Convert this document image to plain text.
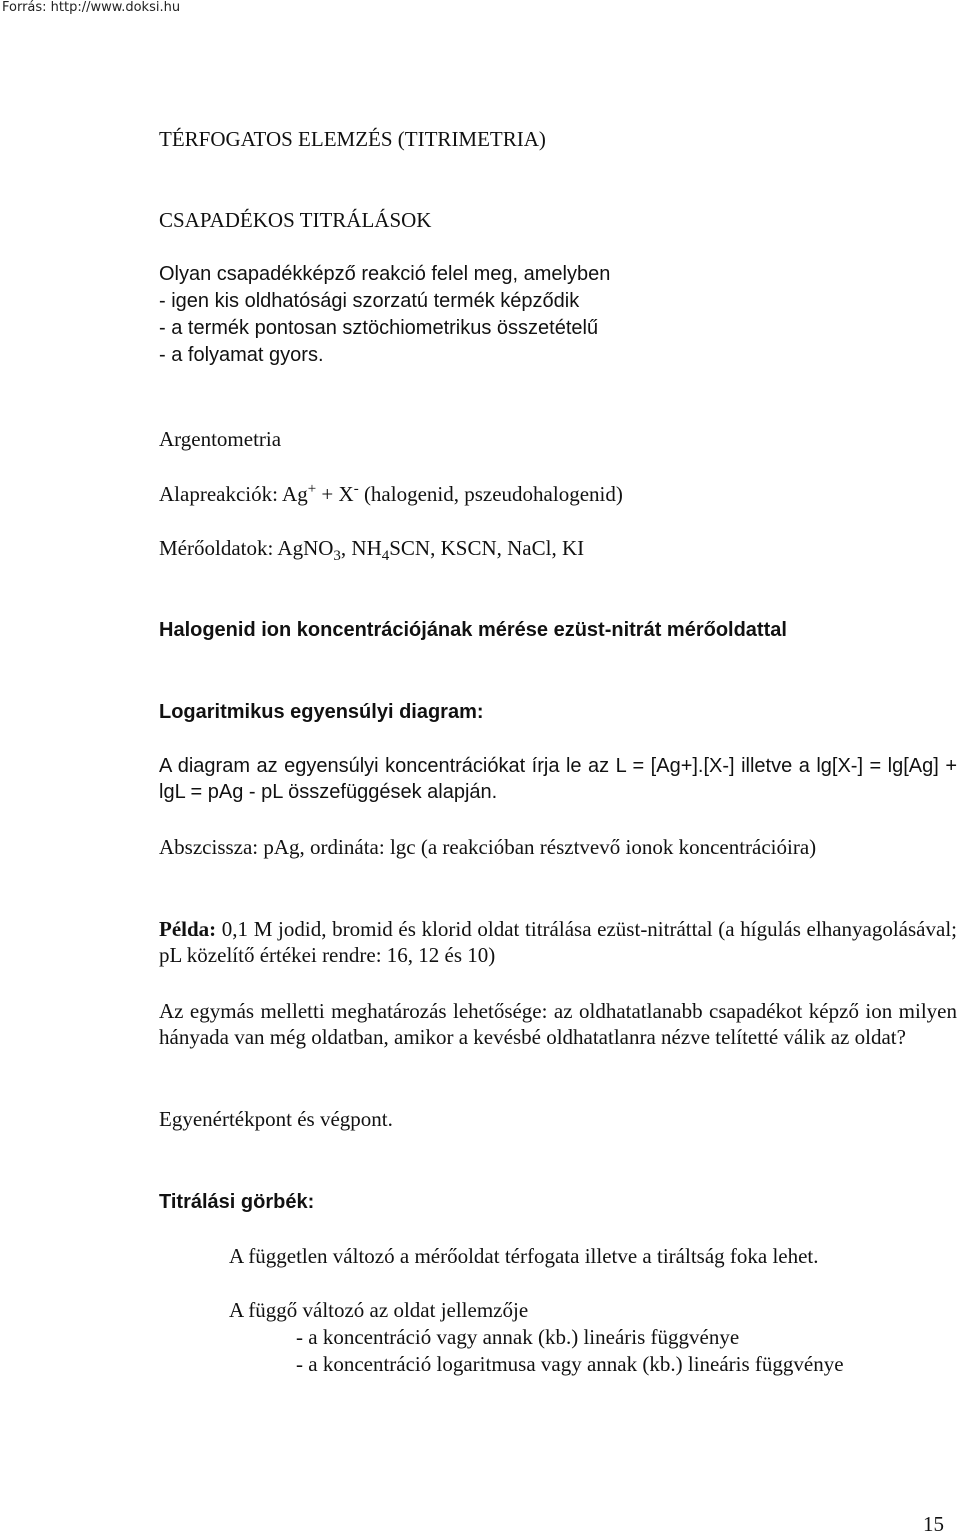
Forrás: http://www.doksi.hu
TÉRFOGATOS ELEMZÉS (TITRIMETRIA)
CSAPADÉKOS TITRÁLÁSOK
Olyan csapadékképző reakció felel meg, amelyben
- igen kis oldhatósági szorzatú termék képződik
- a termék pontosan sztöchiometrikus összetételű
- a folyamat gyors.
Argentometria
Alapreakciók: Ag+ + X- (halogenid, pszeudohalogenid)
Mérőoldatok: AgNO$_3$, $NH_4SCN$, KSCN, NaCl, KI
Halogenid ion koncentrációjának mérése ezüst-nitrát mérőoldattal
Logaritmikus egyensúlyi diagram:
A diagram az egyensúlyi koncentrációkat írja le az L = [Ag+].[X-] illetve a lg[X-] = lg[Ag] + lgL = pAg - pL összefüggések alapján.
Abszcissza: pAg, ordináta: lgc (a reakcióban résztvevő ionok koncentrációira)
Példa: 0,1 M jodid, bromid és klorid oldat titrálása ezüst-nitráttal (a hígulás elhanyagolásával; pL közelítő értékei rendre: 16, 12 és 10)
Az egymás melletti meghatározás lehetősége: az oldhatatlanabb csapadékot képző ion milyen hányada van még oldatban, amikor a kevésbé oldhatatlanra nézve telítetté válik az oldat?
Egyenértékpont és végpont.
Titrálási görbék:
A független változó a mérőoldat térfogata illetve a tiráltság foka lehet.
A függő változó az oldat jellemzője
- a koncentráció vagy annak (kb.) lineáris függvénye
- a koncentráció logaritmusa vagy annak (kb.) lineáris függvénye
15
